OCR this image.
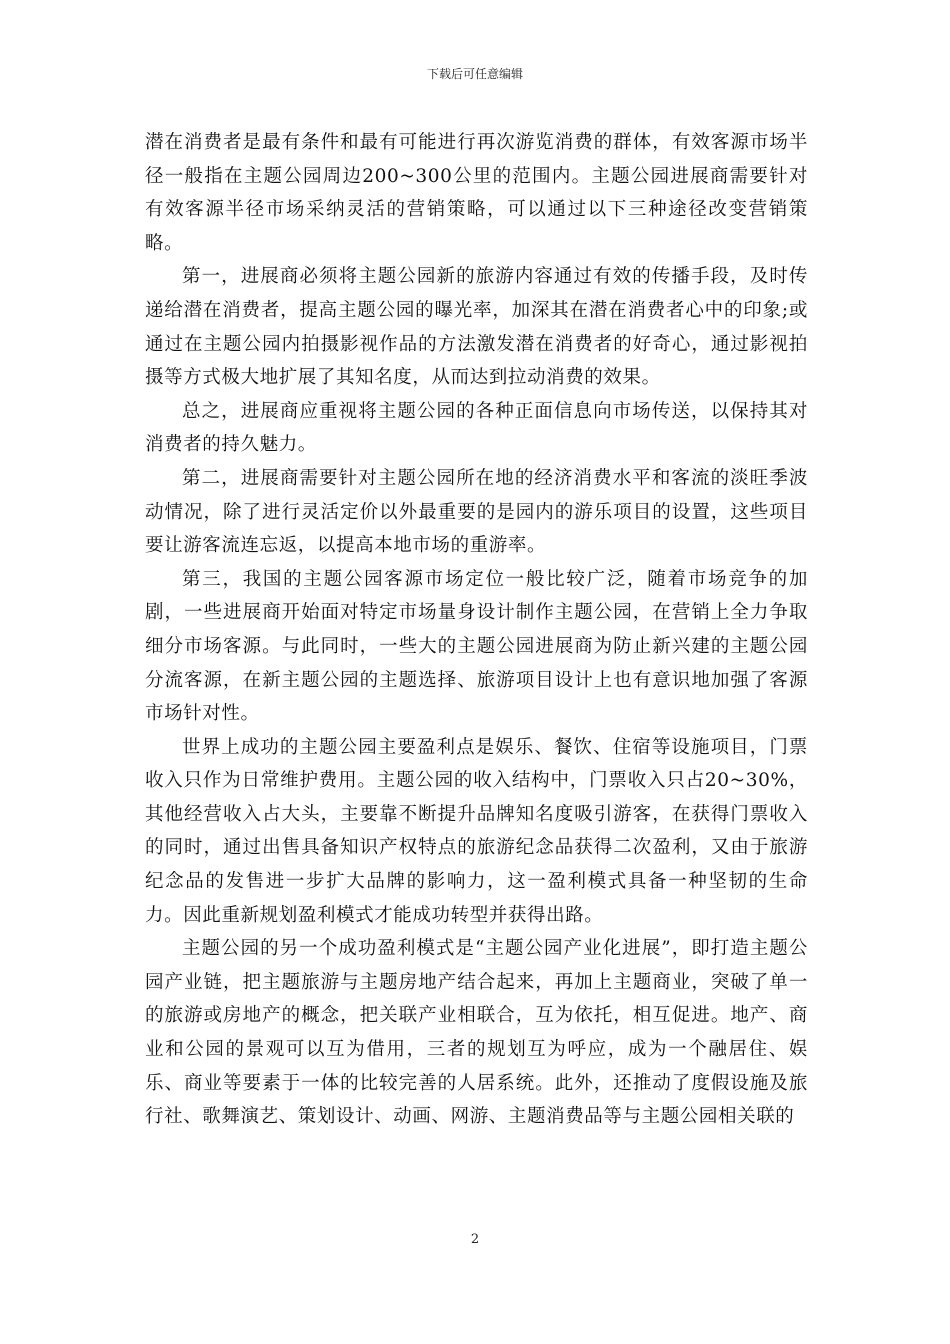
下载后可任意编辑

潜在消费者是最有条件和最有可能进行再次游览消费的群体，有效客源市场半径一般指在主题公园周边200~300公里的范围内。主题公园进展商需要针对有效客源半径市场采纳灵活的营销策略，可以通过以下三种途径改变营销策略。

第一，进展商必须将主题公园新的旅游内容通过有效的传播手段，及时传递给潜在消费者，提高主题公园的曝光率，加深其在潜在消费者心中的印象;或通过在主题公园内拍摄影视作品的方法激发潜在消费者的好奇心，通过影视拍摄等方式极大地扩展了其知名度，从而达到拉动消费的效果。

总之，进展商应重视将主题公园的各种正面信息向市场传送，以保持其对消费者的持久魅力。

第二，进展商需要针对主题公园所在地的经济消费水平和客流的淡旺季波动情况，除了进行灵活定价以外最重要的是园内的游乐项目的设置，这些项目要让游客流连忘返，以提高本地市场的重游率。

第三，我国的主题公园客源市场定位一般比较广泛，随着市场竞争的加剧，一些进展商开始面对特定市场量身设计制作主题公园，在营销上全力争取细分市场客源。与此同时，一些大的主题公园进展商为防止新兴建的主题公园分流客源，在新主题公园的主题选择、旅游项目设计上也有意识地加强了客源市场针对性。

世界上成功的主题公园主要盈利点是娱乐、餐饮、住宿等设施项目，门票收入只作为日常维护费用。主题公园的收入结构中，门票收入只占20~30%，其他经营收入占大头，主要靠不断提升品牌知名度吸引游客，在获得门票收入的同时，通过出售具备知识产权特点的旅游纪念品获得二次盈利，又由于旅游纪念品的发售进一步扩大品牌的影响力，这一盈利模式具备一种坚韧的生命力。因此重新规划盈利模式才能成功转型并获得出路。

主题公园的另一个成功盈利模式是“主题公园产业化进展”，即打造主题公园产业链，把主题旅游与主题房地产结合起来，再加上主题商业，突破了单一的旅游或房地产的概念，把关联产业相联合，互为依托，相互促进。地产、商业和公园的景观可以互为借用，三者的规划互为呼应，成为一个融居住、娱乐、商业等要素于一体的比较完善的人居系统。此外，还推动了度假设施及旅行社、歌舞演艺、策划设计、动画、网游、主题消费品等与主题公园相关联的

2
